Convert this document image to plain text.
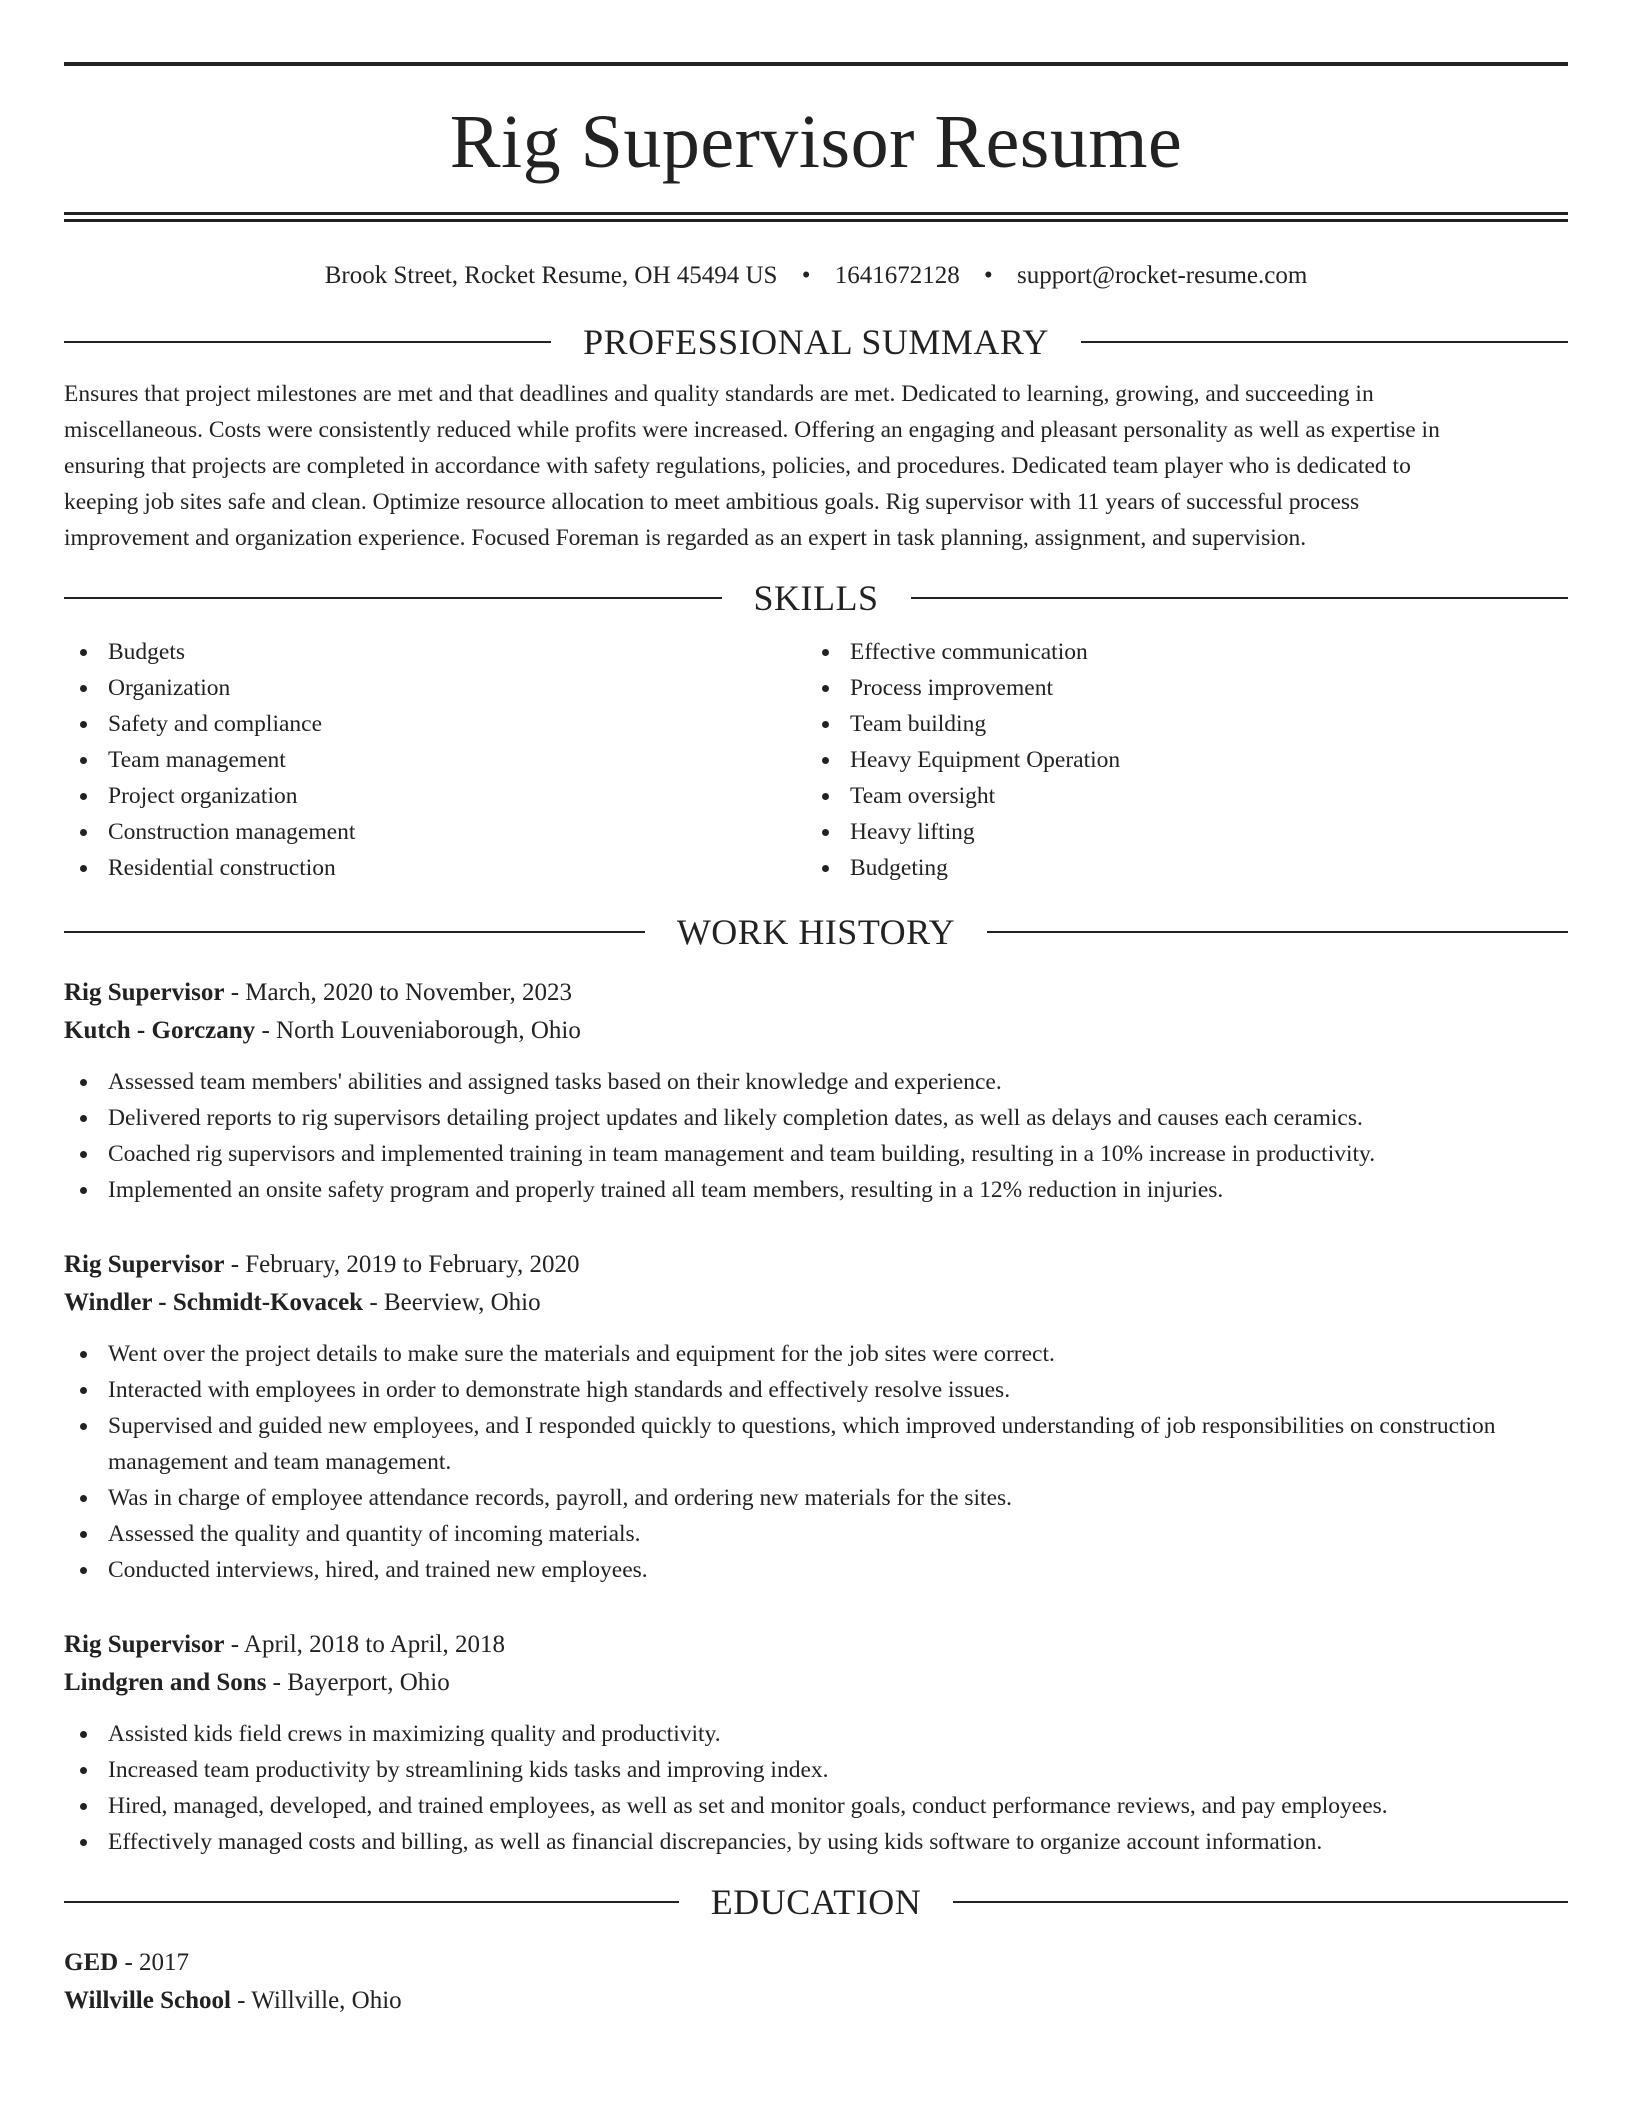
Rig Supervisor Resume
Brook Street, Rocket Resume, OH 45494 US • 1641672128 • support@rocket-resume.com
PROFESSIONAL SUMMARY
Ensures that project milestones are met and that deadlines and quality standards are met. Dedicated to learning, growing, and succeeding in
miscellaneous. Costs were consistently reduced while profits were increased. Offering an engaging and pleasant personality as well as expertise in
ensuring that projects are completed in accordance with safety regulations, policies, and procedures. Dedicated team player who is dedicated to
keeping job sites safe and clean. Optimize resource allocation to meet ambitious goals. Rig supervisor with 11 years of successful process
improvement and organization experience. Focused Foreman is regarded as an expert in task planning, assignment, and supervision.
SKILLS
Budgets
Organization
Safety and compliance
Team management
Project organization
Construction management
Residential construction
Effective communication
Process improvement
Team building
Heavy Equipment Operation
Team oversight
Heavy lifting
Budgeting
WORK HISTORY
Rig Supervisor - March, 2020 to November, 2023
Kutch - Gorczany - North Louveniaborough, Ohio
Assessed team members' abilities and assigned tasks based on their knowledge and experience.
Delivered reports to rig supervisors detailing project updates and likely completion dates, as well as delays and causes each ceramics.
Coached rig supervisors and implemented training in team management and team building, resulting in a 10% increase in productivity.
Implemented an onsite safety program and properly trained all team members, resulting in a 12% reduction in injuries.
Rig Supervisor - February, 2019 to February, 2020
Windler - Schmidt-Kovacek - Beerview, Ohio
Went over the project details to make sure the materials and equipment for the job sites were correct.
Interacted with employees in order to demonstrate high standards and effectively resolve issues.
Supervised and guided new employees, and I responded quickly to questions, which improved understanding of job responsibilities on construction management and team management.
Was in charge of employee attendance records, payroll, and ordering new materials for the sites.
Assessed the quality and quantity of incoming materials.
Conducted interviews, hired, and trained new employees.
Rig Supervisor - April, 2018 to April, 2018
Lindgren and Sons - Bayerport, Ohio
Assisted kids field crews in maximizing quality and productivity.
Increased team productivity by streamlining kids tasks and improving index.
Hired, managed, developed, and trained employees, as well as set and monitor goals, conduct performance reviews, and pay employees.
Effectively managed costs and billing, as well as financial discrepancies, by using kids software to organize account information.
EDUCATION
GED - 2017
Willville School - Willville, Ohio
